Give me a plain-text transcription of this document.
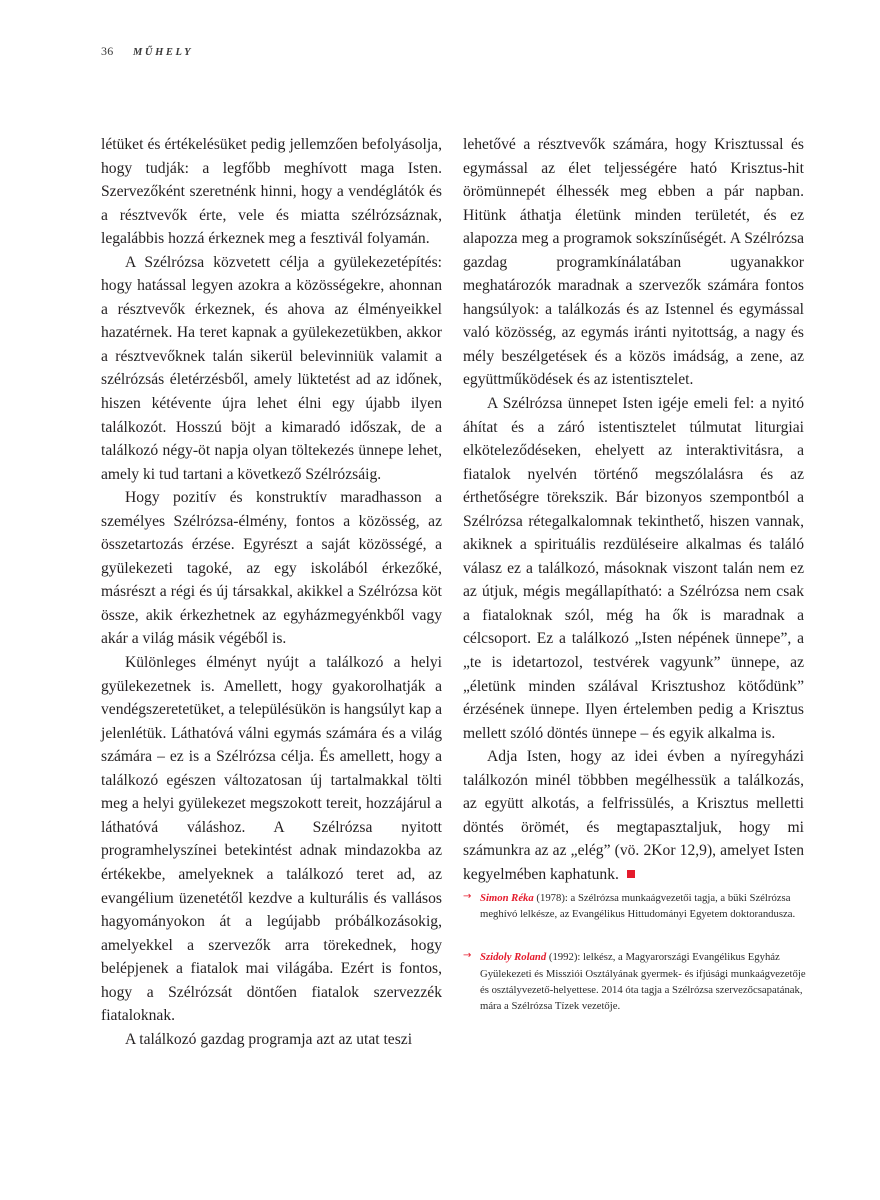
36	MŰHELY

létüket és értékelésüket pedig jellemzően befolyásolja, hogy tudják: a legfőbb meghívott maga Isten. Szervezőként szeretnénk hinni, hogy a vendéglátók és a résztvevők érte, vele és miatta szélrózsáznak, legalábbis hozzá érkeznek meg a fesztivál folyamán.

A Szélrózsa közvetett célja a gyülekezetépítés: hogy hatással legyen azokra a közösségekre, ahonnan a résztvevők érkeznek, és ahova az élményeikkel hazatérnek. Ha teret kapnak a gyülekezetükben, akkor a résztvevőknek talán sikerül belevinniük valamit a szélrózsás életérzésből, amely lüktetést ad az időnek, hiszen kétévente újra lehet élni egy újabb ilyen találkozót. Hosszú böjt a kimaradó időszak, de a találkozó négy-öt napja olyan töltekezés ünnepe lehet, amely ki tud tartani a következő Szélrózsáig.

Hogy pozitív és konstruktív maradhasson a személyes Szélrózsa-élmény, fontos a közösség, az összetartozás érzése. Egyrészt a saját közösségé, a gyülekezeti tagoké, az egy iskolából érkezőké, másrészt a régi és új társakkal, akikkel a Szélrózsa köt össze, akik érkezhetnek az egyházmegyénkből vagy akár a világ másik végéből is.

Különleges élményt nyújt a találkozó a helyi gyülekezetnek is. Amellett, hogy gyakorolhatják a vendégszeretetüket, a településükön is hangsúlyt kap a jelenlétük. Láthatóvá válni egymás számára és a világ számára – ez is a Szélrózsa célja. És amellett, hogy a találkozó egészen változatosan új tartalmakkal tölti meg a helyi gyülekezet megszokott tereit, hozzájárul a láthatóvá váláshoz. A Szélrózsa nyitott programhelyszínei betekintést adnak mindazokba az értékekbe, amelyeknek a találkozó teret ad, az evangélium üzenetétől kezdve a kulturális és vallásos hagyományokon át a legújabb próbálkozásokig, amelyekkel a szervezők arra törekednek, hogy belépjenek a fiatalok mai világába. Ezért is fontos, hogy a Szélrózsát döntően fiatalok szervezzék fiataloknak.

A találkozó gazdag programja azt az utat teszi

lehetővé a résztvevők számára, hogy Krisztussal és egymással az élet teljességére ható Krisztus-hit örömünnepét élhessék meg ebben a pár napban. Hitünk áthatja életünk minden területét, és ez alapozza meg a programok sokszínűségét. A Szélrózsa gazdag programkínálatában ugyanakkor meghatározók maradnak a szervezők számára fontos hangsúlyok: a találkozás és az Istennel és egymással való közösség, az egymás iránti nyitottság, a nagy és mély beszélgetések és a közös imádság, a zene, az együttműködések és az istentisztelet.

A Szélrózsa ünnepet Isten igéje emeli fel: a nyitó áhítat és a záró istentisztelet túlmutat liturgiai elköteleződéseken, ehelyett az interaktivitásra, a fiatalok nyelvén történő megszólalásra és az érthetőségre törekszik. Bár bizonyos szempontból a Szélrózsa rétegalkalomnak tekinthető, hiszen vannak, akiknek a spirituális rezdüléseire alkalmas és találó válasz ez a találkozó, másoknak viszont talán nem ez az útjuk, mégis megállapítható: a Szélrózsa nem csak a fiataloknak szól, még ha ők is maradnak a célcsoport. Ez a találkozó „Isten népének ünnepe”, a „te is idetartozol, testvérek vagyunk” ünnepe, az „életünk minden szálával Krisztushoz kötődünk” érzésének ünnepe. Ilyen értelemben pedig a Krisztus mellett szóló döntés ünnepe – és egyik alkalma is.

Adja Isten, hogy az idei évben a nyíregyházi találkozón minél többben megélhessük a találkozás, az együtt alkotás, a felfrissülés, a Krisztus melletti döntés örömét, és megtapasztaljuk, hogy mi számunkra az az „elég” (vö. 2Kor 12,9), amelyet Isten kegyelmében kaphatunk.

→ Simon Réka (1978): a Szélrózsa munkaágvezetői tagja, a büki Szélrózsa meghívó lelkésze, az Evangélikus Hittudományi Egyetem doktorandusza.

→ Szidoly Roland (1992): lelkész, a Magyarországi Evangélikus Egyház Gyülekezeti és Missziói Osztályának gyermek- és ifjúsági munkaágvezetője és osztályvezető-helyettese. 2014 óta tagja a Szélrózsa szervezőcsapatának, mára a Szélrózsa Tízek vezetője.
